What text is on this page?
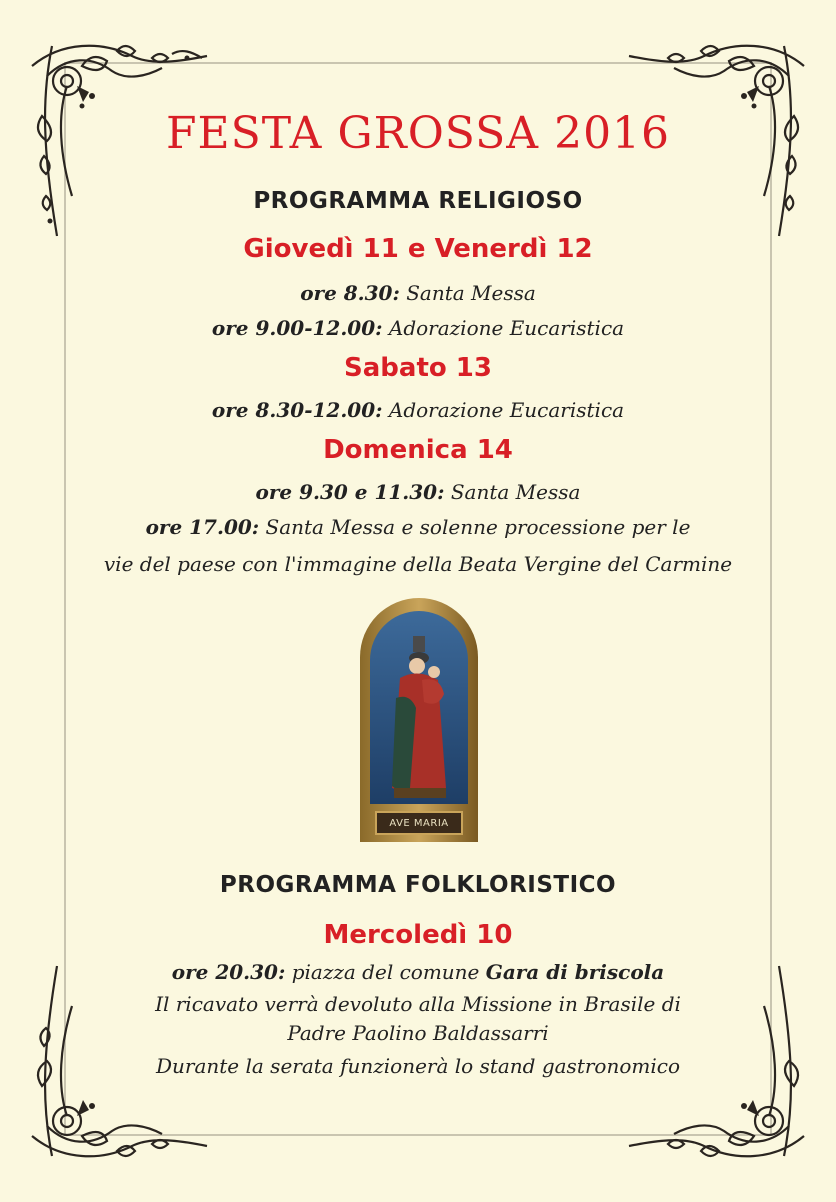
FESTA GROSSA 2016
PROGRAMMA RELIGIOSO
Giovedì 11 e Venerdì 12
ore 8.30: Santa Messa
ore 9.00-12.00: Adorazione Eucaristica
Sabato 13
ore 8.30-12.00: Adorazione Eucaristica
Domenica 14
ore 9.30 e 11.30: Santa Messa
ore 17.00: Santa Messa e solenne processione per le
vie del paese con l'immagine della Beata Vergine del Carmine
AVE MARIA
PROGRAMMA FOLKLORISTICO
Mercoledì 10
ore 20.30: piazza del comune Gara di briscola
Il ricavato verrà devoluto alla Missione in Brasile di
Padre Paolino Baldassarri
Durante la serata funzionerà lo stand gastronomico
